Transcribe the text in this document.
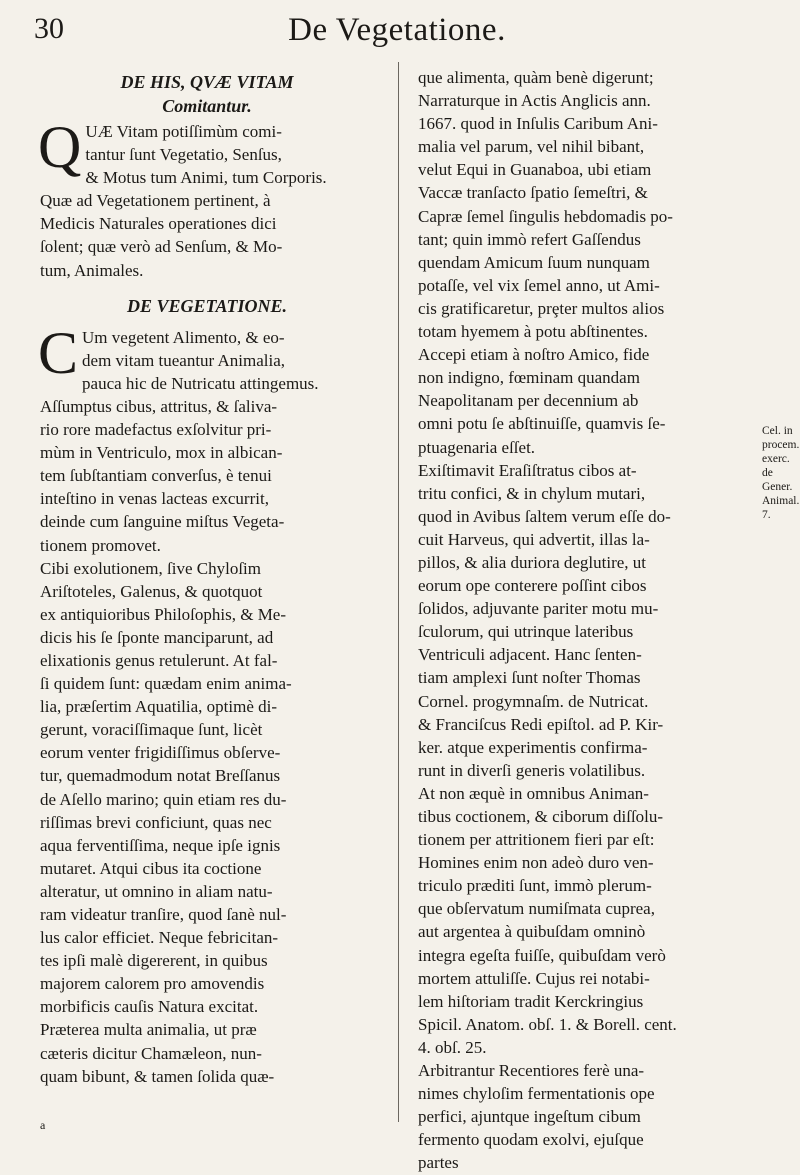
30	De Vegetatione.
DE HIS, QVÆ VITAM
Comitantur.

QUÆ Vitam potiſſimùm comi-
tantur ſunt Vegetatio, Senſus,
& Motus tum Animi, tum Corporis.
Quæ ad Vegetationem pertinent, à
Medicis Naturales operationes dici
ſolent; quæ verò ad Senſum, & Mo-
tum, Animales.

DE VEGETATIONE.

C Um vegetent Alimento, & eo-
dem vitam tueantur Animalia,
pauca hic de Nutricatu attingemus.
Aſſumptus cibus, attritus, & ſaliva-
rio rore madefactus exſolvitur pri-
mùm in Ventriculo, mox in albican-
tem ſubſtantiam converſus, è tenui
inteſtino in venas lacteas excurrit,
deinde cum ſanguine miſtus Vegeta-
tionem promovet.
Cibi exolutionem, ſive Chyloſim
Ariſtoteles, Galenus, & quotquot
ex antiquioribus Philoſophis, & Me-
dicis his ſe ſponte manciparunt, ad
elixationis genus retulerunt. At fal-
ſi quidem ſunt: quædam enim anima-
lia, præſertim Aquatilia, optimè di-
gerunt, voraciſſimaque ſunt, licèt
eorum venter frigidiſſimus obſerve-
tur, quemadmodum notat Breſſanus
de Aſello marino; quin etiam res du-
riſſimas brevi conficiunt, quas nec
aqua ferventiſſima, neque ipſe ignis
mutaret. Atqui cibus ita coctione
alteratur, ut omnino in aliam natu-
ram videatur tranſire, quod ſanè nul-
lus calor efficiet. Neque febricitan-
tes ipſi malè digererent, in quibus
majorem calorem pro amovendis
morbificis cauſis Natura excitat.
Præterea multa animalia, ut præ
cæteris dicitur Chamæleon, nun-
quam bibunt, & tamen ſolida quæ-

que alimenta, quàm benè digerunt;
Narraturque in Actis Anglicis ann.
1667. quod in Inſulis Caribum Ani-
malia vel parum, vel nihil bibant,
velut Equi in Guanaboa, ubi etiam
Vaccæ tranſacto ſpatio ſemeſtri, &
Capræ ſemel ſingulis hebdomadis po-
tant; quin immò refert Gaſſendus
quendam Amicum ſuum nunquam
potaſſe, vel vix ſemel anno, ut Ami-
cis gratificaretur, prȩter multos alios
totam hyemem à potu abſtinentes.
Accepi etiam à noſtro Amico, fide
non indigno, fœminam quandam
Neapolitanam per decennium ab
omni potu ſe abſtinuiſſe, quamvis ſe-
ptuagenaria eſſet.
Exiſtimavit Eraſiſtratus cibos at-
tritu confici, & in chylum mutari,
quod in Avibus ſaltem verum eſſe do-
cuit Harveus, qui advertit, illas la-
pillos, & alia duriora deglutire, ut
eorum ope conterere poſſint cibos
ſolidos, adjuvante pariter motu mu-
ſculorum, qui utrinque lateribus
Ventriculi adjacent. Hanc ſenten-
tiam amplexi ſunt noſter Thomas
Cornel. progymnaſm. de Nutricat.
& Franciſcus Redi epiſtol. ad P. Kir-
ker. atque experimentis confirma-
runt in diverſi generis volatilibus.
At non æquè in omnibus Animan-
tibus coctionem, & ciborum diſſolu-
tionem per attritionem fieri par eſt:
Homines enim non adeò duro ven-
triculo præditi ſunt, immò plerum-
que obſervatum numiſmata cuprea,
aut argentea à quibuſdam omninò
integra egeſta fuiſſe, quibuſdam verò
mortem attuliſſe. Cujus rei notabi-
lem hiſtoriam tradit Kerckringius
Spicil. Anatom. obſ. 1. & Borell. cent.
4. obſ. 25.
Arbitrantur Recentiores ferè una-
nimes chyloſim fermentationis ope
perfici, ajuntque ingeſtum cibum
fermento quodam exolvi, ejuſque
partes

Cel. in
procem.
exerc. de
Gener.
Animal.
7.
a
